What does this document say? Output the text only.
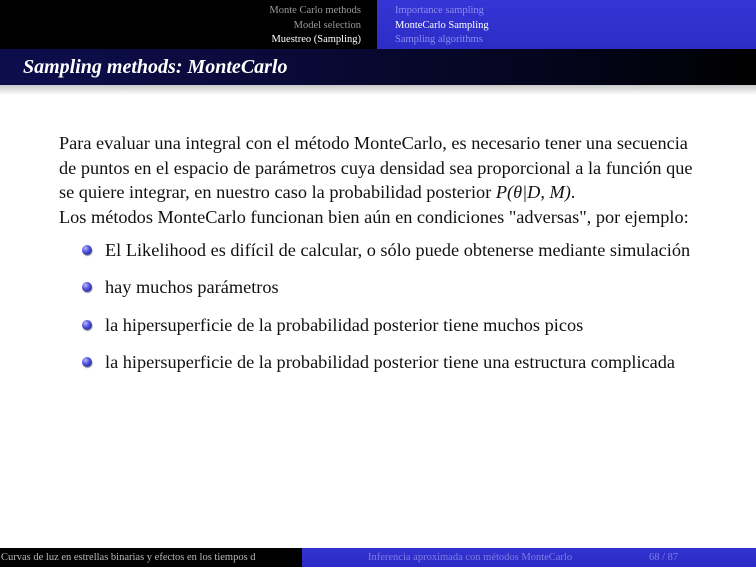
Monte Carlo methods
Model selection
Muestreo (Sampling)
Importance sampling
MonteCarlo Sampling
Sampling algorithms
Sampling methods: MonteCarlo

Para evaluar una integral con el método MonteCarlo, es necesario tener una secuencia de puntos en el espacio de parámetros cuya densidad sea proporcional a la función que se quiere integrar, en nuestro caso la probabilidad posterior P(θ|D, M).

Los métodos MonteCarlo funcionan bien aún en condiciones "adversas", por ejemplo:

El Likelihood es difícil de calcular, o sólo puede obtenerse mediante simulación
hay muchos parámetros
la hipersuperficie de la probabilidad posterior tiene muchos picos
la hipersuperficie de la probabilidad posterior tiene una estructura complicada
Curvas de luz en estrellas binarias y efectos en los tiempos d	Inferencia aproximada con métodos MonteCarlo	68 / 87
